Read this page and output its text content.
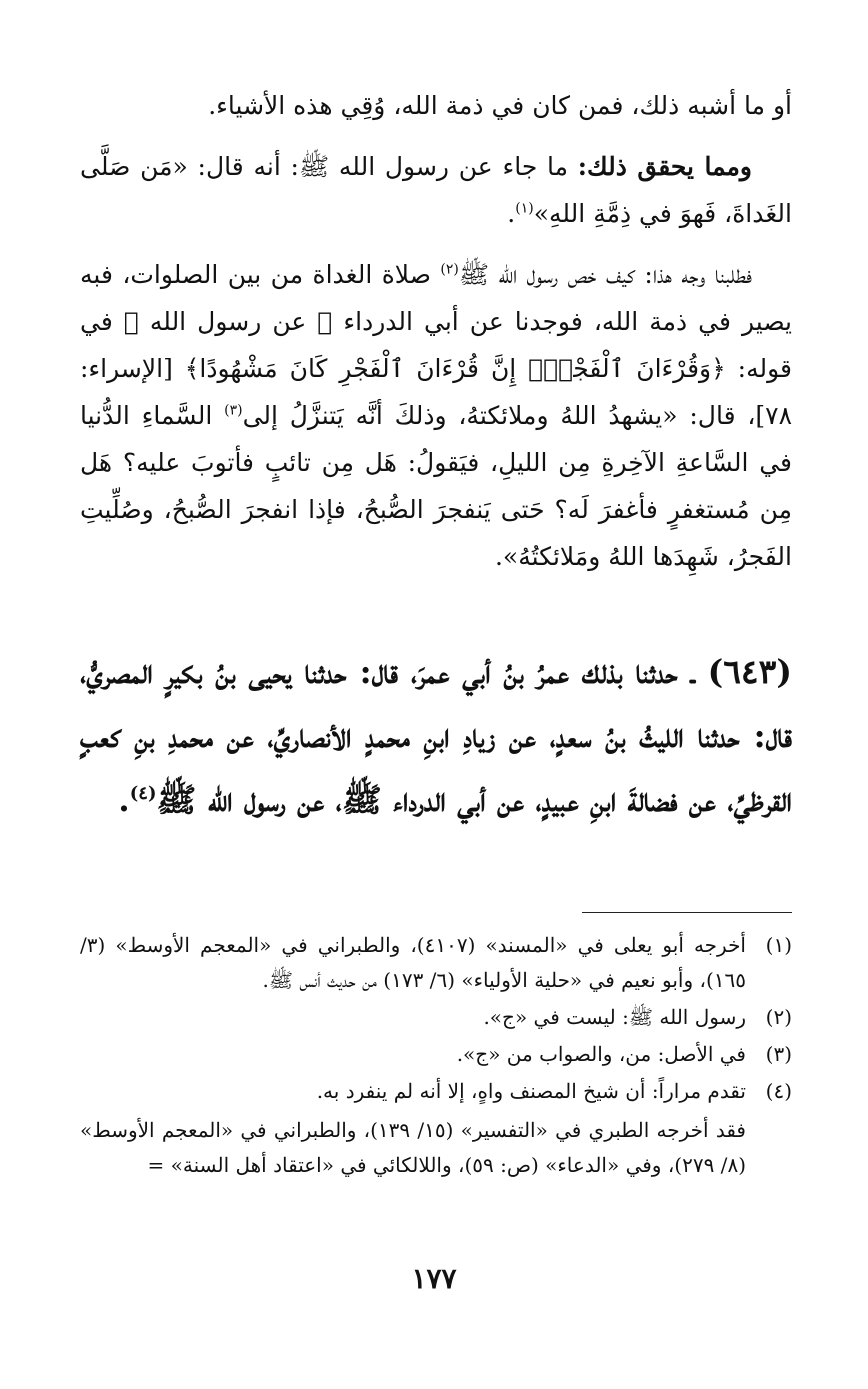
أو ما أشبه ذلك، فمن كان في ذمة الله، وُقِي هذه الأشياء.

ومما يحقق ذلك: ما جاء عن رسول الله ﷺ: أنه قال: «مَن صَلَّى الغَداةَ، فَهوَ في ذِمَّةِ اللهِ»$^{(١)}$.

فطلبنا وجه هذا: كيف خص رسول الله ﷺ$^{(٢)}$ صلاة الغداة من بين الصلوات، فبه يصير في ذمة الله، فوجدنا عن أبي الدرداء ﷺ عن رسول الله ﷺ في قوله: ﴿وَقُرْءَانَ ٱلْفَجْرِۖ إِنَّ قُرْءَانَ ٱلْفَجْرِ كَانَ مَشْهُودًا﴾ [الإسراء: ٧٨]، قال: «يشهدُ اللهُ وملائكتهُ، وذلكَ أنَّه يَتنزَّلُ إلى$^{(٣)}$ السَّماءِ الدُّنيا في السَّاعةِ الآخِرةِ مِن الليلِ، فيَقولُ: هَل مِن تائبٍ فأتوبَ عليه؟ هَل مِن مُستغفرٍ فأغفرَ لَه؟ حَتى يَنفجرَ الصُّبحُ، فإذا انفجرَ الصُّبحُ، وصُلِّيتِ الفَجرُ، شَهِدَها اللهُ ومَلائكتُهُ».

(٦٤٣) ـ حدثنا بذلك عمرُ بنُ أبي عمرَ، قال: حدثنا يحيى بنُ بكيرٍ المصريُّ، قال: حدثنا الليثُ بنُ سعدٍ، عن زيادِ ابنِ محمدٍ الأنصاريِّ، عن محمدِ بنِ كعبٍ القرظيِّ، عن فضالةَ ابنِ عبيدٍ، عن أبي الدرداء ﷺ، عن رسول الله ﷺ$^{(٤)}$.

(١)
أخرجه أبو يعلى في «المسند» (٤١٠٧)، والطبراني في «المعجم الأوسط» (٣/ ١٦٥)، وأبو نعيم في «حلية الأولياء» (٦/ ١٧٣) من حديث أنس ﷺ.
(٢)
رسول الله ﷺ: ليست في «ج».
(٣)
في الأصل: من، والصواب من «ج».
(٤)
تقدم مراراً: أن شيخ المصنف واهٍ، إلا أنه لم ينفرد به.
فقد أخرجه الطبري في «التفسير» (١٥/ ١٣٩)، والطبراني في «المعجم الأوسط» (٨/ ٢٧٩)، وفي «الدعاء» (ص: ٥٩)، واللالكائي في «اعتقاد أهل السنة» =
١٧٧
